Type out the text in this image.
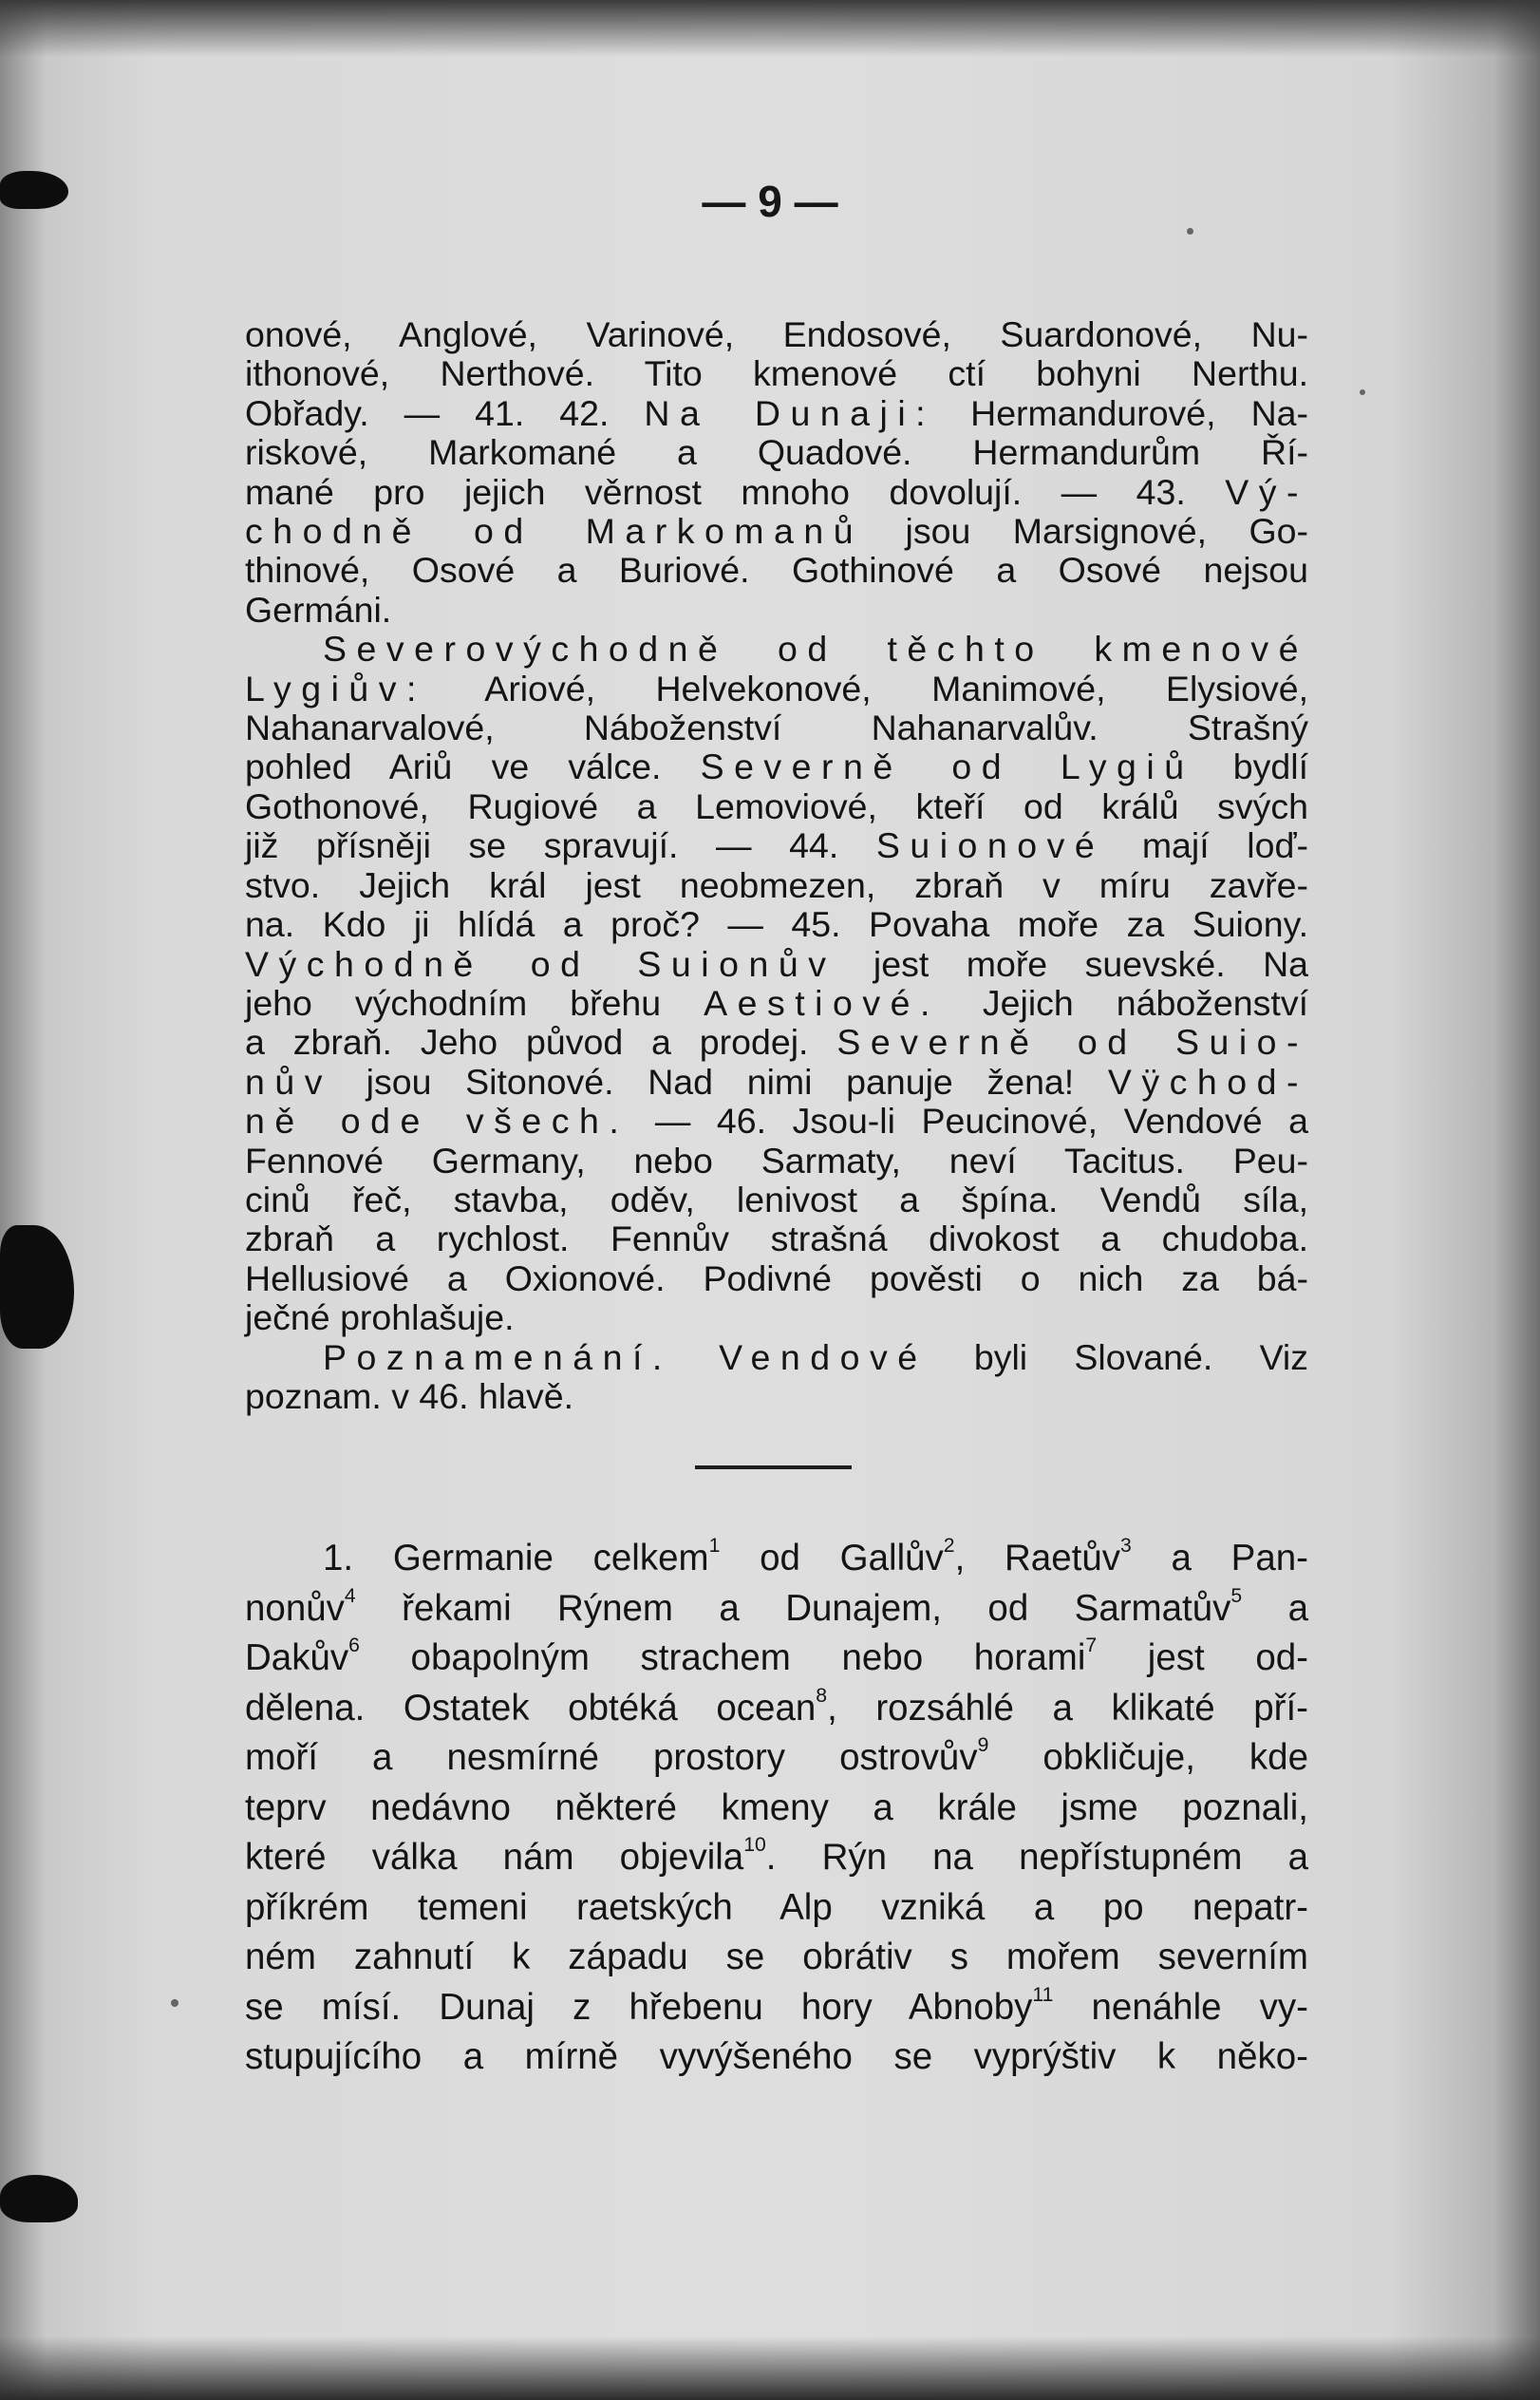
— 9 —
onové, Anglové, Varinové, Endosové, Suardonové, Nu-
ithonové, Nerthové. Tito kmenové ctí bohyni Nerthu.
Obřady. — 41. 42. Na Dunaji: Hermandurové, Na-
riskové, Markomané a Quadové. Hermandurům Ří-
mané pro jejich věrnost mnoho dovolují. — 43. Vý-
chodně od Markomanů jsou Marsignové, Go-
thinové, Osové a Buriové. Gothinové a Osové nejsou
Germáni.
Severovýchodně od těchto kmenové
Lygiův: Ariové, Helvekonové, Manimové, Elysiové,
Nahanarvalové, Náboženství Nahanarvalův. Strašný
pohled Ariů ve válce. Severně od Lygiů bydlí
Gothonové, Rugiové a Lemoviové, kteří od králů svých
již přísněji se spravují. — 44. Suionové mají loď-
stvo. Jejich král jest neobmezen, zbraň v míru zavře-
na. Kdo ji hlídá a proč? — 45. Povaha moře za Suiony.
Východně od Suionův jest moře suevské. Na
jeho východním břehu Aestiové. Jejich náboženství
a zbraň. Jeho původ a prodej. Severně od Suio-
nův jsou Sitonové. Nad nimi panuje žena! Vÿchod-
ně ode všech. — 46. Jsou-li Peucinové, Vendové a
Fennové Germany, nebo Sarmaty, neví Tacitus. Peu-
cinů řeč, stavba, oděv, lenivost a špína. Vendů síla,
zbraň a rychlost. Fennův strašná divokost a chudoba.
Hellusiové a Oxionové. Podivné pověsti o nich za bá-
ječné prohlašuje.
Poznamenání. Vendové byli Slované. Viz
poznam. v 46. hlavě.
1. Germanie celkem$^1$ od Gallův$^2$, Raetův$^3$ a Pan-
nonův$^4$ řekami Rýnem a Dunajem, od Sarmatův$^5$ a
Dakův$^6$ obapolným strachem nebo horami$^7$ jest od-
dělena. Ostatek obtéká ocean$^8$, rozsáhlé a klikaté pří-
moří a nesmírné prostory ostrovův$^9$ obkličuje, kde
teprv nedávno některé kmeny a krále jsme poznali,
které válka nám objevila$^{10}$. Rýn na nepřístupném a
příkrém temeni raetských Alp vzniká a po nepatr-
ném zahnutí k západu se obrátiv s mořem severním
se mísí. Dunaj z hřebenu hory Abnoby$^{11}$ nenáhle vy-
stupujícího a mírně vyvýšeného se vyprýštiv k něko-
